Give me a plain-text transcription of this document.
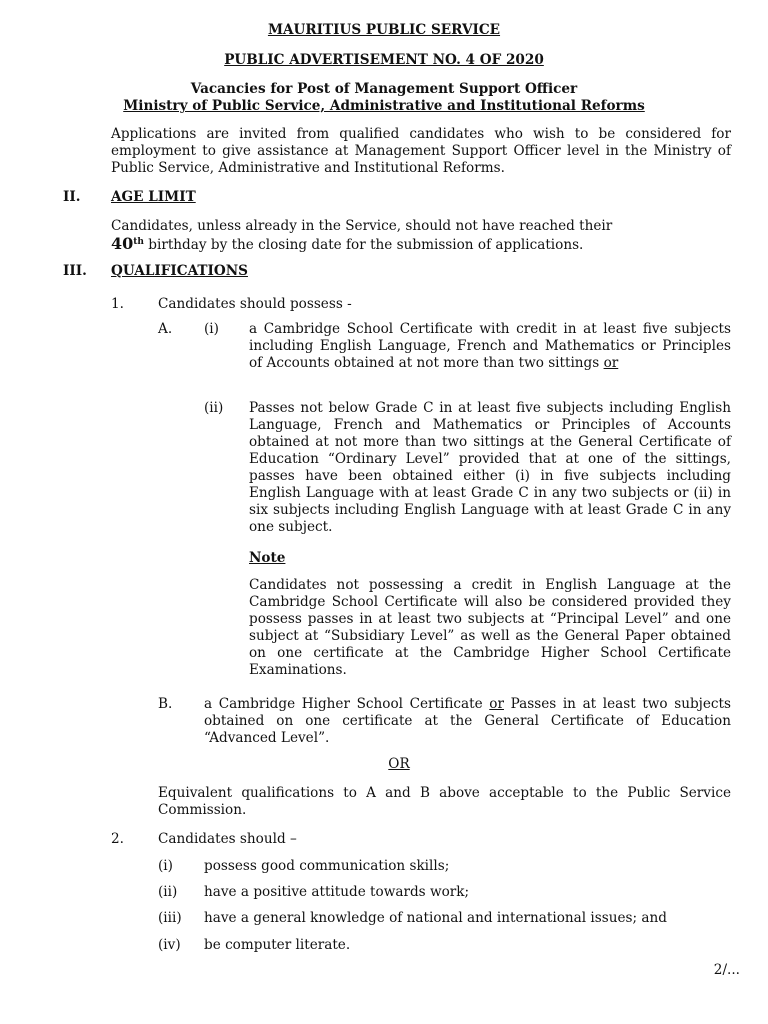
MAURITIUS PUBLIC SERVICE
PUBLIC ADVERTISEMENT NO. 4 OF 2020
Vacancies for Post of Management Support Officer
Ministry of Public Service, Administrative and Institutional Reforms
Applications are invited from qualified candidates who wish to be considered for employment to give assistance at Management Support Officer level in the Ministry of Public Service, Administrative and Institutional Reforms.
II. AGE LIMIT
Candidates, unless already in the Service, should not have reached their
40th birthday by the closing date for the submission of applications.
III. QUALIFICATIONS
1.	Candidates should possess -
A. (i) a Cambridge School Certificate with credit in at least five subjects including English Language, French and Mathematics or Principles of Accounts obtained at not more than two sittings or
(ii) Passes not below Grade C in at least five subjects including English Language, French and Mathematics or Principles of Accounts obtained at not more than two sittings at the General Certificate of Education “Ordinary Level” provided that at one of the sittings, passes have been obtained either (i) in five subjects including English Language with at least Grade C in any two subjects or (ii) in six subjects including English Language with at least Grade C in any one subject.
Note
Candidates not possessing a credit in English Language at the Cambridge School Certificate will also be considered provided they possess passes in at least two subjects at “Principal Level” and one subject at “Subsidiary Level” as well as the General Paper obtained on one certificate at the Cambridge Higher School Certificate Examinations.
B. a Cambridge Higher School Certificate or Passes in at least two subjects obtained on one certificate at the General Certificate of Education “Advanced Level”.
OR
Equivalent qualifications to A and B above acceptable to the Public Service Commission.
2.	Candidates should –
(i) possess good communication skills;
(ii) have a positive attitude towards work;
(iii) have a general knowledge of national and international issues; and
(iv) be computer literate.
2/...
